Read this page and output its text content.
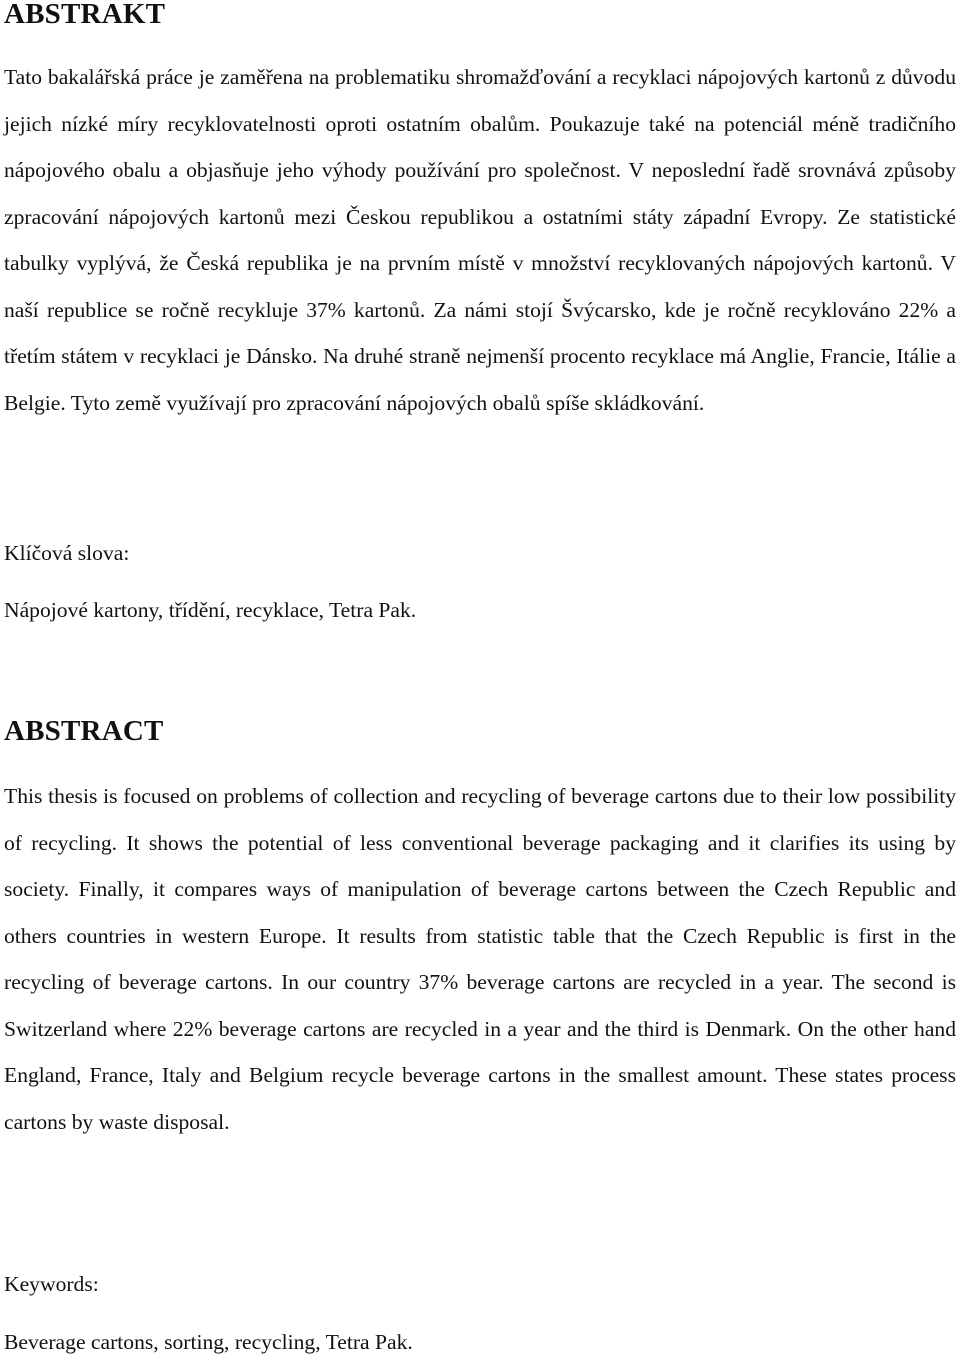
ABSTRAKT

Tato bakalářská práce je zaměřena na problematiku shromažďování a recyklaci nápojových kartonů z důvodu jejich nízké míry recyklovatelnosti oproti ostatním obalům. Poukazuje také na potenciál méně tradičního nápojového obalu a objasňuje jeho výhody používání pro společnost. V neposlední řadě srovnává způsoby zpracování nápojových kartonů mezi Českou republikou a ostatními státy západní Evropy. Ze statistické tabulky vyplývá, že Česká republika je na prvním místě v množství recyklovaných nápojových kartonů. V naší republice se ročně recykluje 37% kartonů. Za námi stojí Švýcarsko, kde je ročně recyklováno 22% a třetím státem v recyklaci je Dánsko. Na druhé straně nejmenší procento recyklace má Anglie, Francie, Itálie a Belgie. Tyto země využívají pro zpracování nápojových obalů spíše skládkování.

Klíčová slova:
Nápojové kartony, třídění, recyklace, Tetra Pak.
ABSTRACT

This thesis is focused on problems of collection and recycling of beverage cartons due to their low possibility of recycling. It shows the potential of less conventional beverage packaging and it clarifies its using by society. Finally, it compares ways of manipulation of beverage cartons between the Czech Republic and others countries in western Europe. It results from statistic table that the Czech Republic is first in the recycling of beverage cartons. In our country 37% beverage cartons are recycled in a year. The second is Switzerland where 22% beverage cartons are recycled in a year and the third is Denmark. On the other hand England, France, Italy and Belgium recycle beverage cartons in the smallest amount. These states process cartons by waste disposal.

Keywords:
Beverage cartons, sorting, recycling, Tetra Pak.
